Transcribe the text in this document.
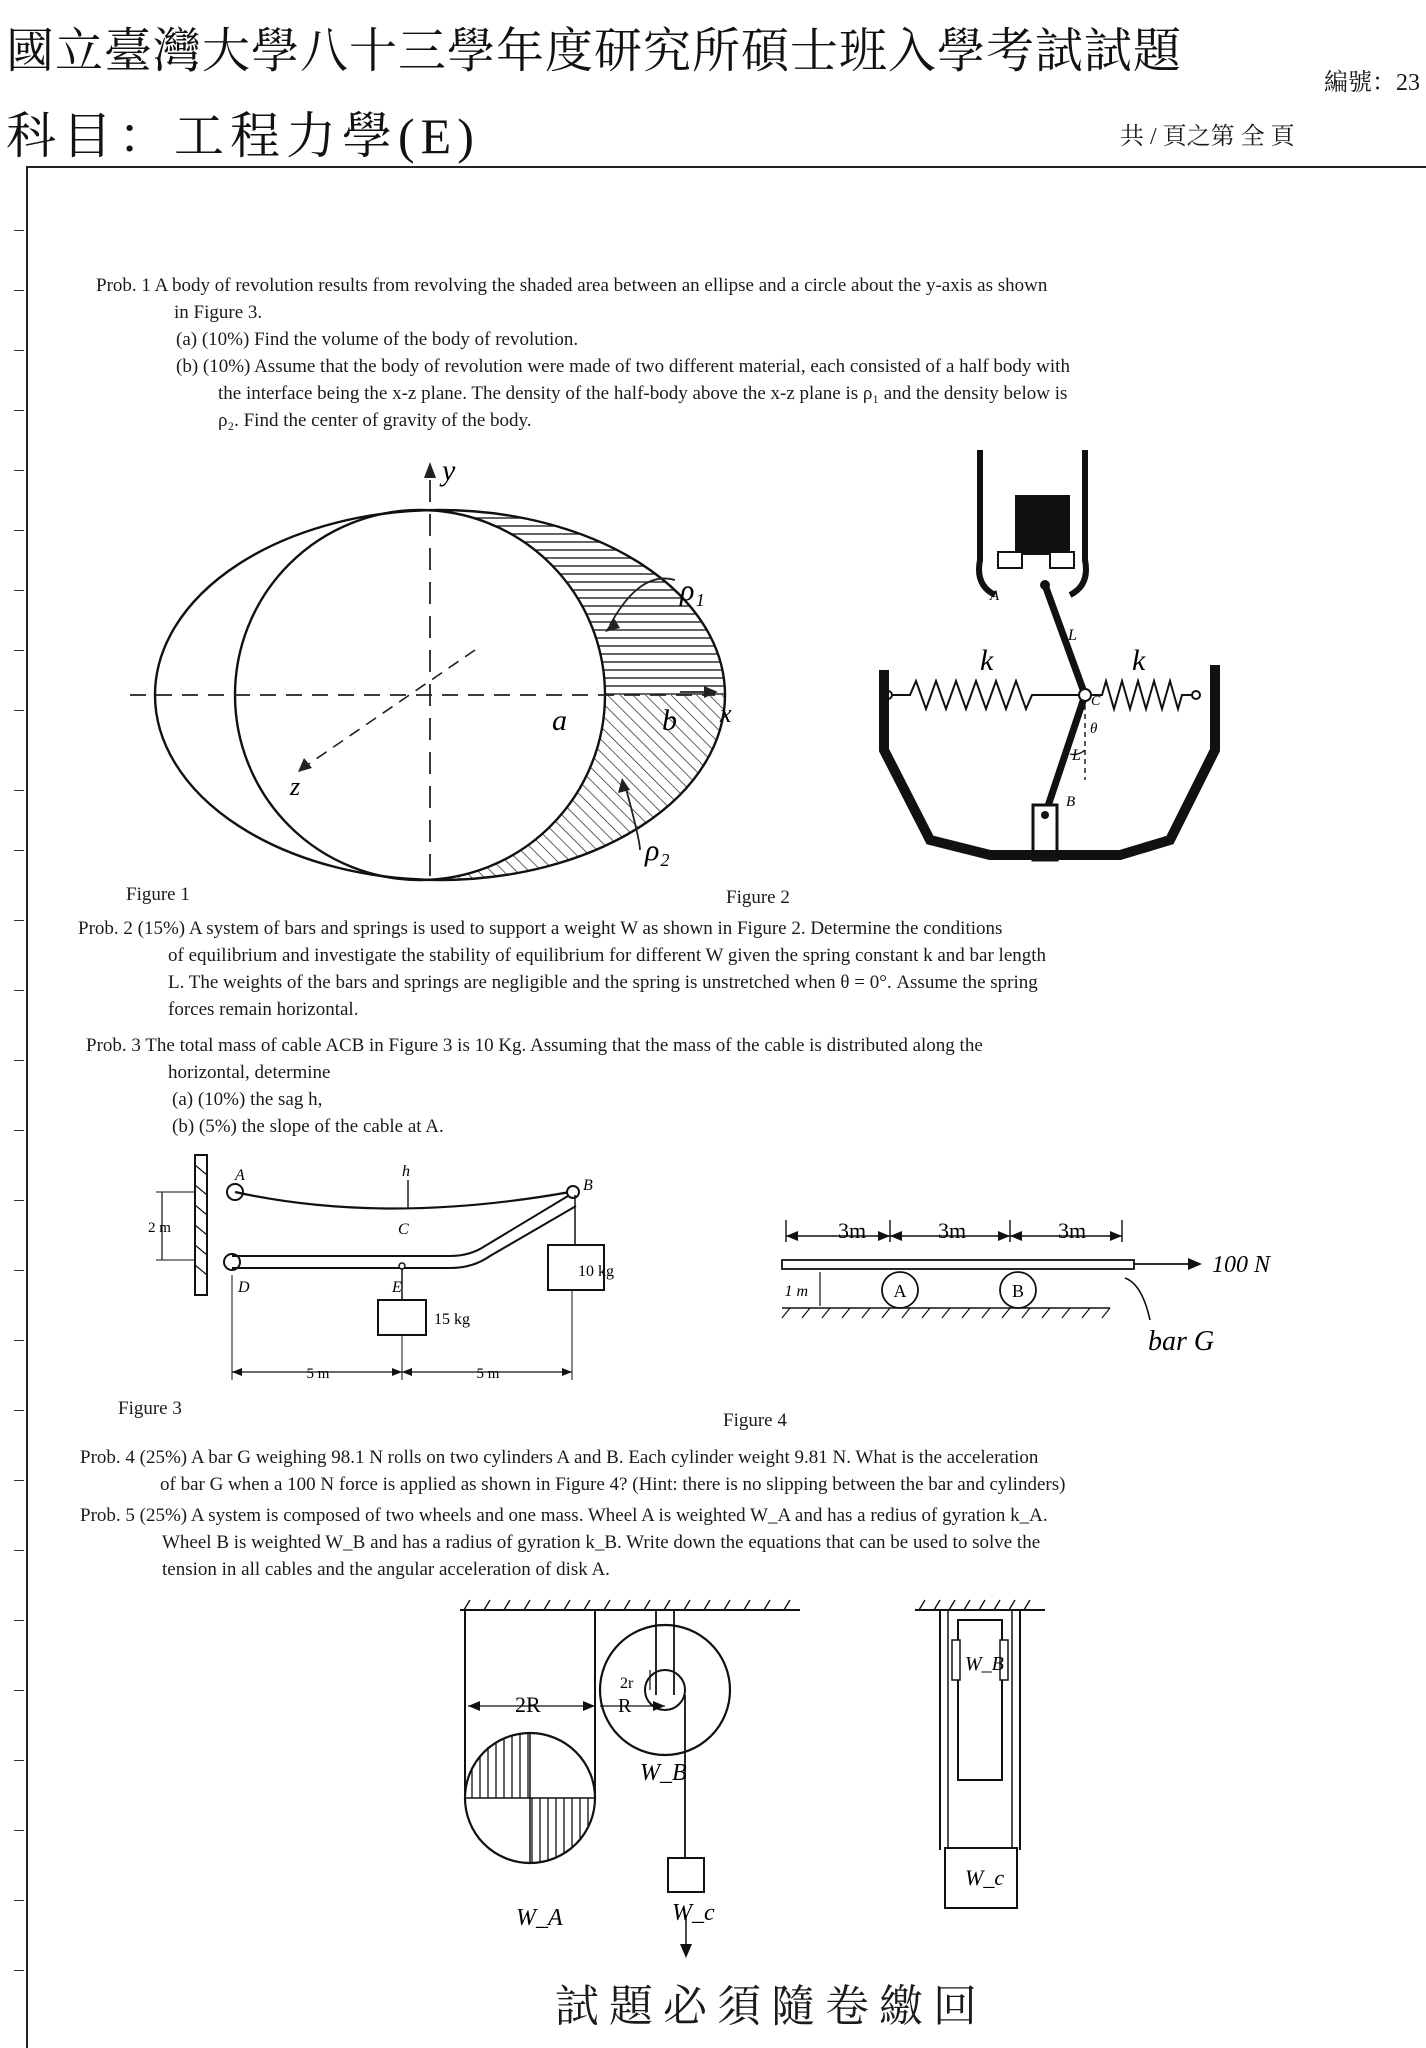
國立臺灣大學八十三學年度研究所碩士班入學考試試題
科目：工程力學(E)
編號：23
共 / 頁之第 全 頁
Prob. 1 A body of revolution results from revolving the shaded area between an ellipse and a circle about the y-axis as shown
in Figure 3.
(a) (10%) Find the volume of the body of revolution.
(b) (10%) Assume that the body of revolution were made of two different material, each consisted of a half body with
the interface being the x-z plane. The density of the half-body above the x-z plane is ρ₁ and the density below is
ρ₂. Find the center of gravity of the body.
y
x
z
a	b
ρ₁
ρ₂
Figure 1
A
L
k	k
C
θ
L
B
Figure 2
Prob. 2 (15%) A system of bars and springs is used to support a weight W as shown in Figure 2. Determine the conditions
of equilibrium and investigate the stability of equilibrium for different W given the spring constant k and bar length
L. The weights of the bars and springs are negligible and the spring is unstretched when θ = 0°. Assume the spring
forces remain horizontal.
Prob. 3 The total mass of cable ACB in Figure 3 is 10 Kg. Assuming that the mass of the cable is distributed along the
horizontal, determine
(a) (10%) the sag h,
(b) (5%) the slope of the cable at A.
A
B
C
D	E
h
2 m
15 kg
10 kg
5 m	5 m
Figure 3
3m	3m	3m
100 N
1 m	A	B
bar G
Figure 4
Prob. 4 (25%) A bar G weighing 98.1 N rolls on two cylinders A and B. Each cylinder weight 9.81 N. What is the acceleration
of bar G when a 100 N force is applied as shown in Figure 4? (Hint: there is no slipping between the bar and cylinders)
Prob. 5 (25%) A system is composed of two wheels and one mass. Wheel A is weighted W_A and has a redius of gyration k_A.
Wheel B is weighted W_B and has a radius of gyration k_B. Write down the equations that can be used to solve the
tension in all cables and the angular acceleration of disk A.
2R	R
2r
W_B
W_A	W_c
W_B
W_c
試題必須隨卷繳回
